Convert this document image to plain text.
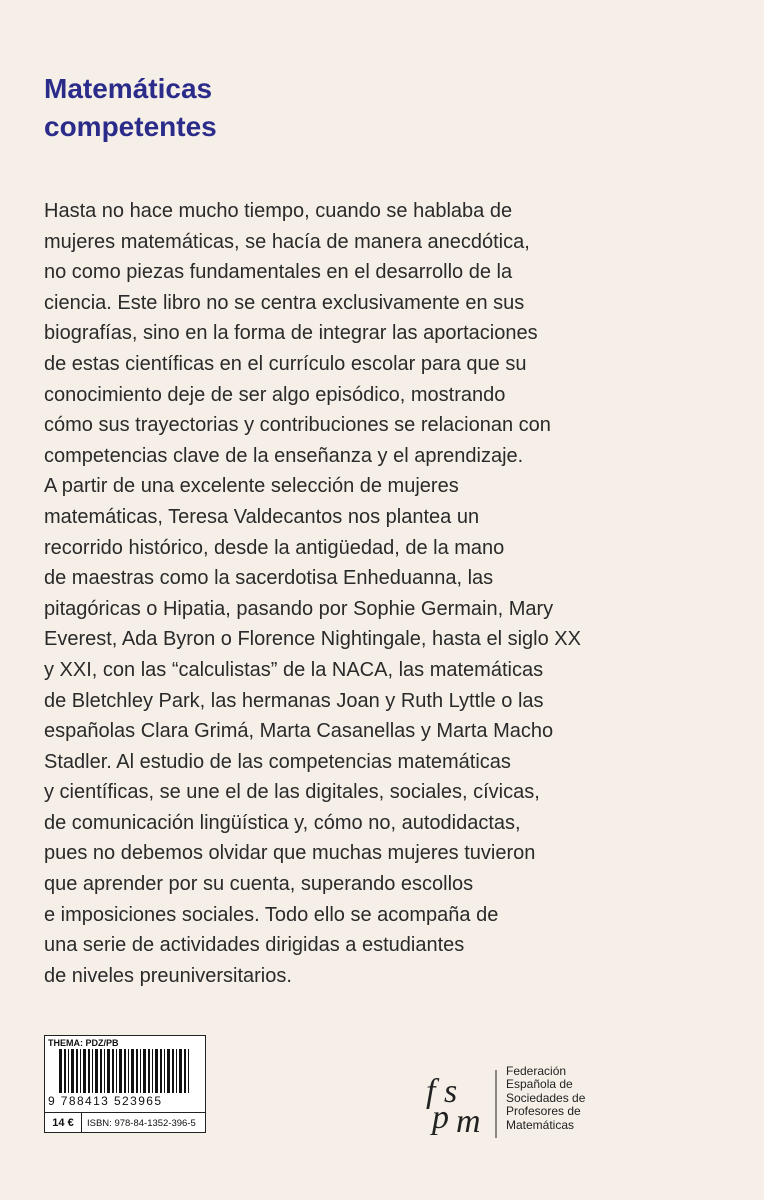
Matemáticas
competentes

Hasta no hace mucho tiempo, cuando se hablaba de
mujeres matemáticas, se hacía de manera anecdótica,
no como piezas fundamentales en el desarrollo de la
ciencia. Este libro no se centra exclusivamente en sus
biografías, sino en la forma de integrar las aportaciones
de estas científicas en el currículo escolar para que su
conocimiento deje de ser algo episódico, mostrando
cómo sus trayectorias y contribuciones se relacionan con
competencias clave de la enseñanza y el aprendizaje.
A partir de una excelente selección de mujeres
matemáticas, Teresa Valdecantos nos plantea un
recorrido histórico, desde la antigüedad, de la mano
de maestras como la sacerdotisa Enheduanna, las
pitagóricas o Hipatia, pasando por Sophie Germain, Mary
Everest, Ada Byron o Florence Nightingale, hasta el siglo XX
y XXI, con las “calculistas” de la NACA, las matemáticas
de Bletchley Park, las hermanas Joan y Ruth Lyttle o las
españolas Clara Grimá, Marta Casanellas y Marta Macho
Stadler. Al estudio de las competencias matemáticas
y científicas, se une el de las digitales, sociales, cívicas,
de comunicación lingüística y, cómo no, autodidactas,
pues no debemos olvidar que muchas mujeres tuvieron
que aprender por su cuenta, superando escollos
e imposiciones sociales. Todo ello se acompaña de
una serie de actividades dirigidas a estudiantes
de niveles preuniversitarios.

THEMA: PDZ/PB
9 788413 523965
14 €	ISBN: 978-84-1352-396-5
f s
p m
Federación
Española de
Sociedades de
Profesores de
Matemáticas
